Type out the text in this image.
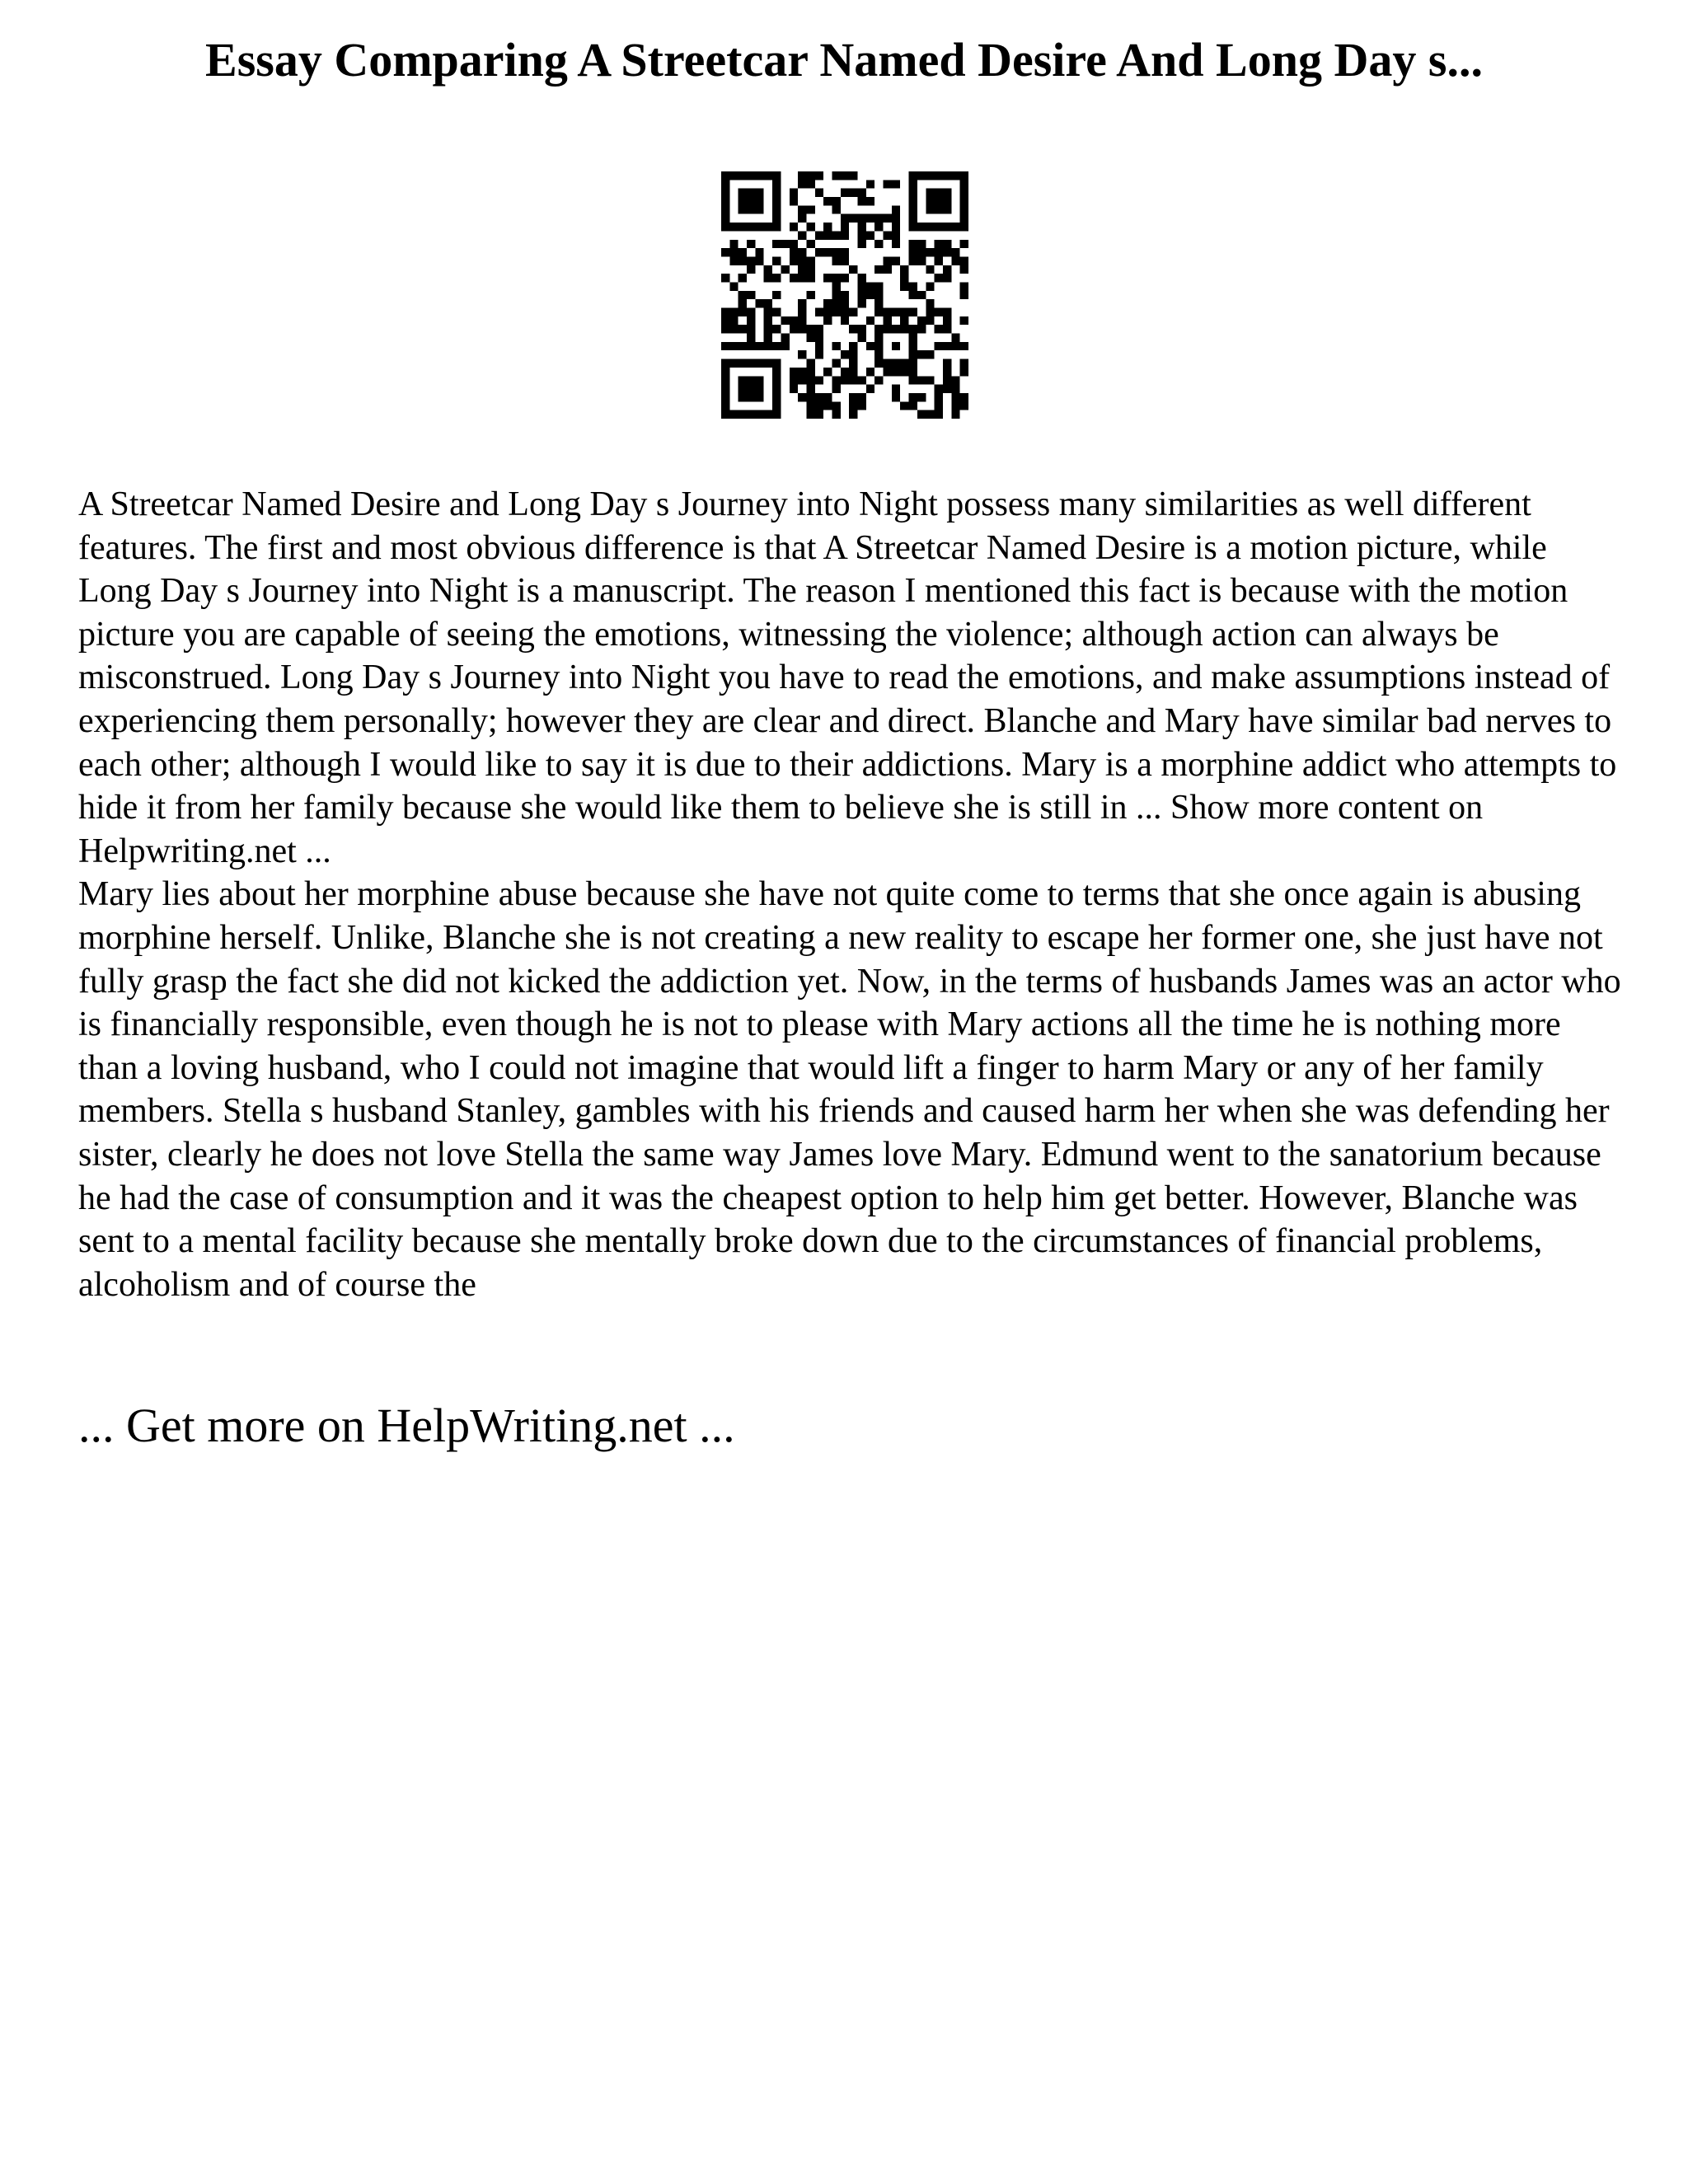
Essay Comparing A Streetcar Named Desire And Long Day s...

A Streetcar Named Desire and Long Day s Journey into Night possess many similarities as well different features. The first and most obvious difference is that A Streetcar Named Desire is a motion picture, while Long Day s Journey into Night is a manuscript. The reason I mentioned this fact is because with the motion picture you are capable of seeing the emotions, witnessing the violence; although action can always be misconstrued. Long Day s Journey into Night you have to read the emotions, and make assumptions instead of experiencing them personally; however they are clear and direct. Blanche and Mary have similar bad nerves to each other; although I would like to say it is due to their addictions. Mary is a morphine addict who attempts to hide it from her family because she would like them to believe she is still in ... Show more content on Helpwriting.net ...

Mary lies about her morphine abuse because she have not quite come to terms that she once again is abusing morphine herself. Unlike, Blanche she is not creating a new reality to escape her former one, she just have not fully grasp the fact she did not kicked the addiction yet. Now, in the terms of husbands James was an actor who is financially responsible, even though he is not to please with Mary actions all the time he is nothing more than a loving husband, who I could not imagine that would lift a finger to harm Mary or any of her family members. Stella s husband Stanley, gambles with his friends and caused harm her when she was defending her sister, clearly he does not love Stella the same way James love Mary. Edmund went to the sanatorium because he had the case of consumption and it was the cheapest option to help him get better. However, Blanche was sent to a mental facility because she mentally broke down due to the circumstances of financial problems, alcoholism and of course the

... Get more on HelpWriting.net ...
